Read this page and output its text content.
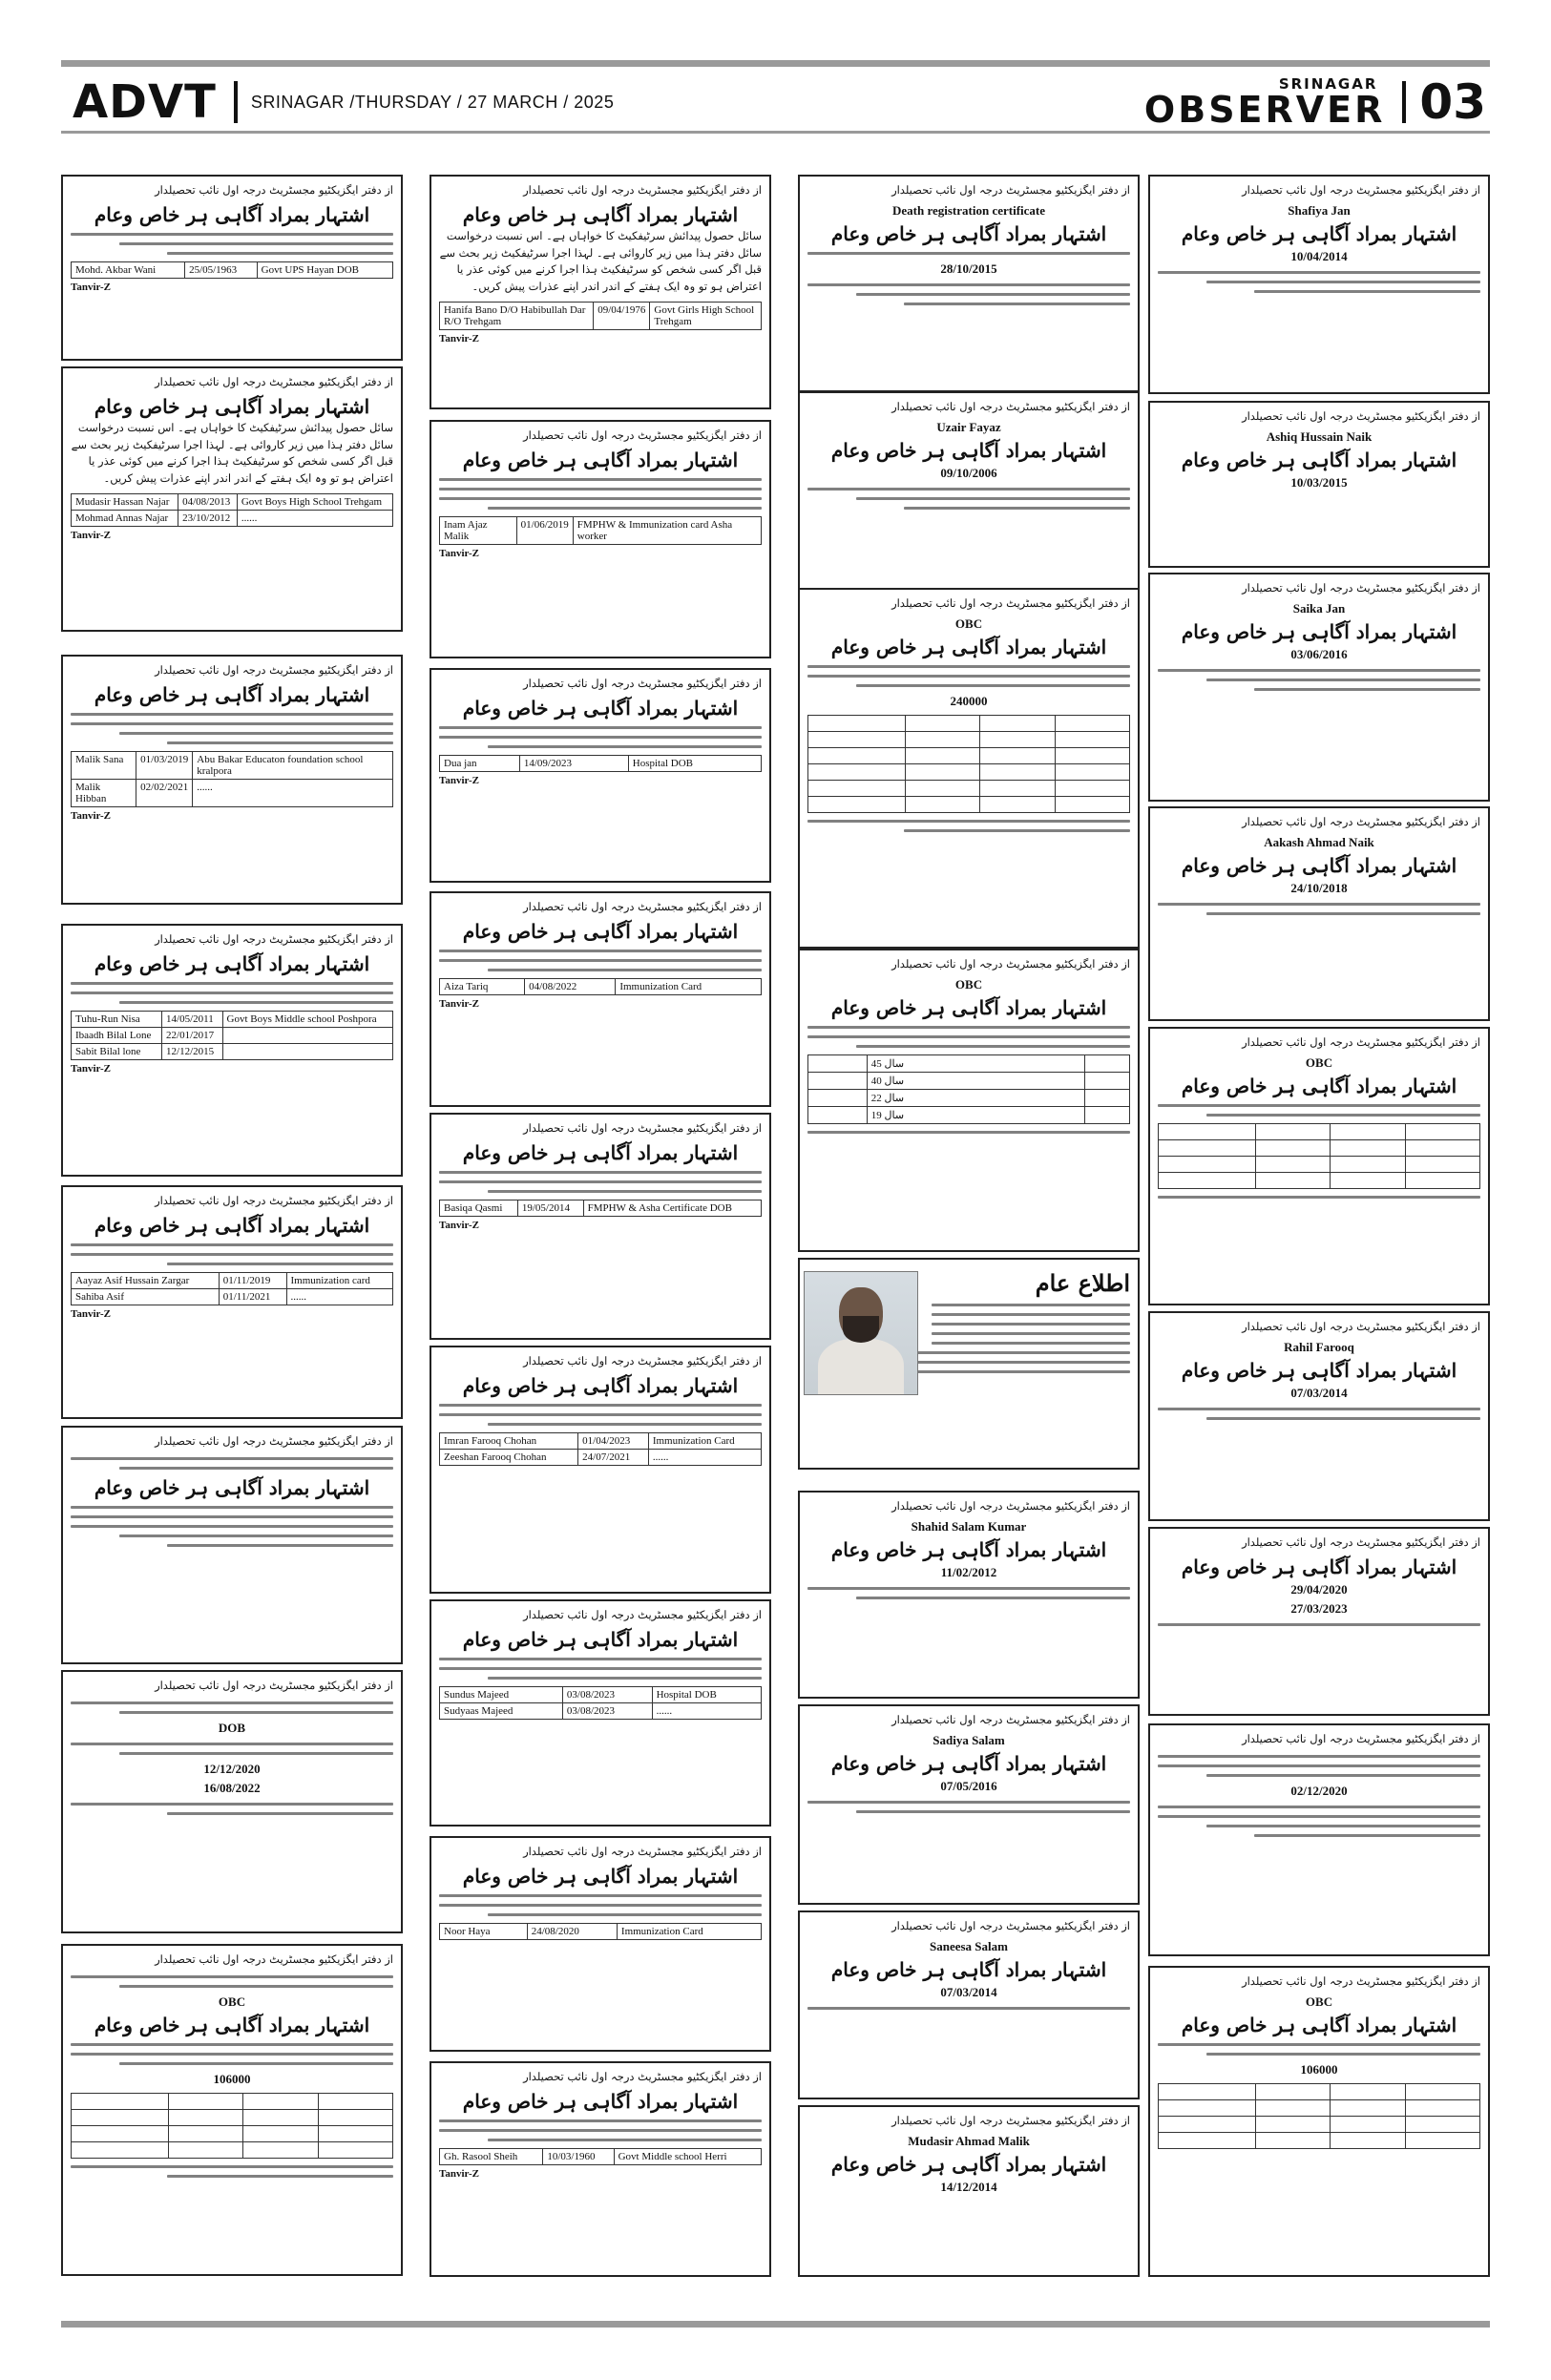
ADVT SRINAGAR /THURSDAY / 27 MARCH / 2025
SRINAGAR
OBSERVER 03
از دفتر ایگزیکٹیو مجسٹریٹ درجہ اول نائب تحصیلدار
اشتہار بمراد آگاہی ہر خاص وعام
Mohd. Akbar Wani	25/05/1963	Govt UPS Hayan DOB
Tanvir-Z
از دفتر ایگزیکٹیو مجسٹریٹ درجہ اول نائب تحصیلدار
اشتہار بمراد آگاہی ہر خاص وعام
سائل حصول پیدائش سرٹیفکیٹ کا خواہاں ہے۔ اس نسبت درخواست سائل دفتر ہذا میں زیر کاروائی ہے۔ لہذا اجرا سرٹیفکیٹ زیر بحث سے قبل اگر کسی شخص کو سرٹیفکیٹ ہذا اجرا کرنے میں کوئی عذر یا اعتراض ہو تو وہ ایک ہفتے کے اندر اندر اپنے عذرات پیش کریں۔
Mudasir Hassan Najar	04/08/2013	Govt Boys High School Trehgam
Mohmad Annas Najar	23/10/2012	......
Tanvir-Z
از دفتر ایگزیکٹیو مجسٹریٹ درجہ اول نائب تحصیلدار
اشتہار بمراد آگاہی ہر خاص وعام
Malik Sana	01/03/2019	Abu Bakar Educaton foundation school kralpora
Malik Hibban	02/02/2021	......
Tanvir-Z
از دفتر ایگزیکٹیو مجسٹریٹ درجہ اول نائب تحصیلدار
اشتہار بمراد آگاہی ہر خاص وعام
Tuhu-Run Nisa	14/05/2011	Govt Boys Middle school Poshpora
Ibaadh Bilal Lone	22/01/2017	
Sabit Bilal lone	12/12/2015	
Tanvir-Z
از دفتر ایگزیکٹیو مجسٹریٹ درجہ اول نائب تحصیلدار
اشتہار بمراد آگاہی ہر خاص وعام
Aayaz Asif Hussain Zargar	01/11/2019	Immunization card
Sahiba Asif	01/11/2021	......
Tanvir-Z
از دفتر ایگزیکٹیو مجسٹریٹ درجہ اول نائب تحصیلدار
اشتہار بمراد آگاہی ہر خاص وعام
از دفتر ایگزیکٹیو مجسٹریٹ درجہ اول نائب تحصیلدار
DOB
12/12/2020
16/08/2022
از دفتر ایگزیکٹیو مجسٹریٹ درجہ اول نائب تحصیلدار
OBC
اشتہار بمراد آگاہی ہر خاص وعام
106000

از دفتر ایگزیکٹیو مجسٹریٹ درجہ اول نائب تحصیلدار
اشتہار بمراد آگاہی ہر خاص وعام
سائل حصول پیدائش سرٹیفکیٹ کا خواہاں ہے۔ اس نسبت درخواست سائل دفتر ہذا میں زیر کاروائی ہے۔ لہذا اجرا سرٹیفکیٹ زیر بحث سے قبل اگر کسی شخص کو سرٹیفکیٹ ہذا اجرا کرنے میں کوئی عذر یا اعتراض ہو تو وہ ایک ہفتے کے اندر اندر اپنے عذرات پیش کریں۔
Hanifa Bano D/O Habibullah Dar R/O Trehgam	09/04/1976	Govt Girls High School Trehgam
Tanvir-Z
از دفتر ایگزیکٹیو مجسٹریٹ درجہ اول نائب تحصیلدار
اشتہار بمراد آگاہی ہر خاص وعام
Inam Ajaz Malik	01/06/2019	FMPHW & Immunization card Asha worker
Tanvir-Z
از دفتر ایگزیکٹیو مجسٹریٹ درجہ اول نائب تحصیلدار
اشتہار بمراد آگاہی ہر خاص وعام
Dua jan	14/09/2023	Hospital DOB
Tanvir-Z
از دفتر ایگزیکٹیو مجسٹریٹ درجہ اول نائب تحصیلدار
اشتہار بمراد آگاہی ہر خاص وعام
Aiza Tariq	04/08/2022	Immunization Card
Tanvir-Z
از دفتر ایگزیکٹیو مجسٹریٹ درجہ اول نائب تحصیلدار
اشتہار بمراد آگاہی ہر خاص وعام
Basiqa Qasmi	19/05/2014	FMPHW & Asha Certificate DOB
Tanvir-Z
از دفتر ایگزیکٹیو مجسٹریٹ درجہ اول نائب تحصیلدار
اشتہار بمراد آگاہی ہر خاص وعام
Imran Farooq Chohan	01/04/2023	Immunization Card
Zeeshan Farooq Chohan	24/07/2021	......
از دفتر ایگزیکٹیو مجسٹریٹ درجہ اول نائب تحصیلدار
اشتہار بمراد آگاہی ہر خاص وعام
Sundus Majeed	03/08/2023	Hospital DOB
Sudyaas Majeed	03/08/2023	......
از دفتر ایگزیکٹیو مجسٹریٹ درجہ اول نائب تحصیلدار
اشتہار بمراد آگاہی ہر خاص وعام
Noor Haya	24/08/2020	Immunization Card
از دفتر ایگزیکٹیو مجسٹریٹ درجہ اول نائب تحصیلدار
اشتہار بمراد آگاہی ہر خاص وعام
Gh. Rasool Sheih	10/03/1960	Govt Middle school Herri
Tanvir-Z
از دفتر ایگزیکٹیو مجسٹریٹ درجہ اول نائب تحصیلدار
Death registration certificate
اشتہار بمراد آگاہی ہر خاص وعام
28/10/2015
از دفتر ایگزیکٹیو مجسٹریٹ درجہ اول نائب تحصیلدار
Uzair Fayaz
اشتہار بمراد آگاہی ہر خاص وعام
09/10/2006
از دفتر ایگزیکٹیو مجسٹریٹ درجہ اول نائب تحصیلدار
OBC
اشتہار بمراد آگاہی ہر خاص وعام
240000

از دفتر ایگزیکٹیو مجسٹریٹ درجہ اول نائب تحصیلدار
OBC
اشتہار بمراد آگاہی ہر خاص وعام
	45 سال	
	40 سال	
	22 سال	
	19 سال	
اطلاع عام
از دفتر ایگزیکٹیو مجسٹریٹ درجہ اول نائب تحصیلدار
Shahid Salam Kumar
اشتہار بمراد آگاہی ہر خاص وعام
11/02/2012
از دفتر ایگزیکٹیو مجسٹریٹ درجہ اول نائب تحصیلدار
Sadiya Salam
اشتہار بمراد آگاہی ہر خاص وعام
07/05/2016
از دفتر ایگزیکٹیو مجسٹریٹ درجہ اول نائب تحصیلدار
Saneesa Salam
اشتہار بمراد آگاہی ہر خاص وعام
07/03/2014
از دفتر ایگزیکٹیو مجسٹریٹ درجہ اول نائب تحصیلدار
Mudasir Ahmad Malik
اشتہار بمراد آگاہی ہر خاص وعام
14/12/2014
از دفتر ایگزیکٹیو مجسٹریٹ درجہ اول نائب تحصیلدار
Shafiya Jan
اشتہار بمراد آگاہی ہر خاص وعام
10/04/2014
از دفتر ایگزیکٹیو مجسٹریٹ درجہ اول نائب تحصیلدار
Ashiq Hussain Naik
اشتہار بمراد آگاہی ہر خاص وعام
10/03/2015
از دفتر ایگزیکٹیو مجسٹریٹ درجہ اول نائب تحصیلدار
Saika Jan
اشتہار بمراد آگاہی ہر خاص وعام
03/06/2016
از دفتر ایگزیکٹیو مجسٹریٹ درجہ اول نائب تحصیلدار
Aakash Ahmad Naik
اشتہار بمراد آگاہی ہر خاص وعام
24/10/2018
از دفتر ایگزیکٹیو مجسٹریٹ درجہ اول نائب تحصیلدار
OBC
اشتہار بمراد آگاہی ہر خاص وعام

از دفتر ایگزیکٹیو مجسٹریٹ درجہ اول نائب تحصیلدار
Rahil Farooq
اشتہار بمراد آگاہی ہر خاص وعام
07/03/2014
از دفتر ایگزیکٹیو مجسٹریٹ درجہ اول نائب تحصیلدار
اشتہار بمراد آگاہی ہر خاص وعام
29/04/2020
27/03/2023
از دفتر ایگزیکٹیو مجسٹریٹ درجہ اول نائب تحصیلدار
02/12/2020
از دفتر ایگزیکٹیو مجسٹریٹ درجہ اول نائب تحصیلدار
OBC
اشتہار بمراد آگاہی ہر خاص وعام
106000
